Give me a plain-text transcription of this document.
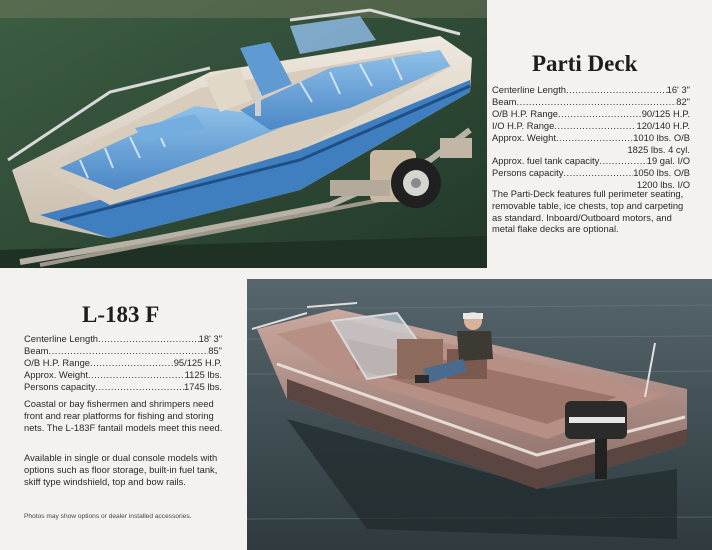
Parti Deck
Centerline Length .....	16' 3"
Beam .....	82"
O/B H.P. Range .....	90/125 H.P.
I/O H.P. Range .....	120/140 H.P.
Approx. Weight .....	1010 lbs. O/B
1825 lbs. 4 cyl.
Approx. fuel tank capacity .....	19 gal. I/O
Persons capacity .....	1050 lbs. O/B
1200 lbs. I/O

The Parti-Deck features full perimeter seating, removable table, ice chests, top and carpeting as standard. Inboard/Outboard motors, and metal flake decks are optional.

L-183 F
Centerline Length .....	18' 3"
Beam .....	85"
O/B H.P. Range .....	95/125 H.P.
Approx. Weight .....	1125 lbs.
Persons capacity .....	1745 lbs.

Coastal or bay fishermen and shrimpers need front and rear platforms for fishing and storing nets. The L-183F fantail models meet this need.

Available in single or dual console models with options such as floor storage, built-in fuel tank, skiff type windshield, top and bow rails.

Photos may show options or dealer installed accessories.
